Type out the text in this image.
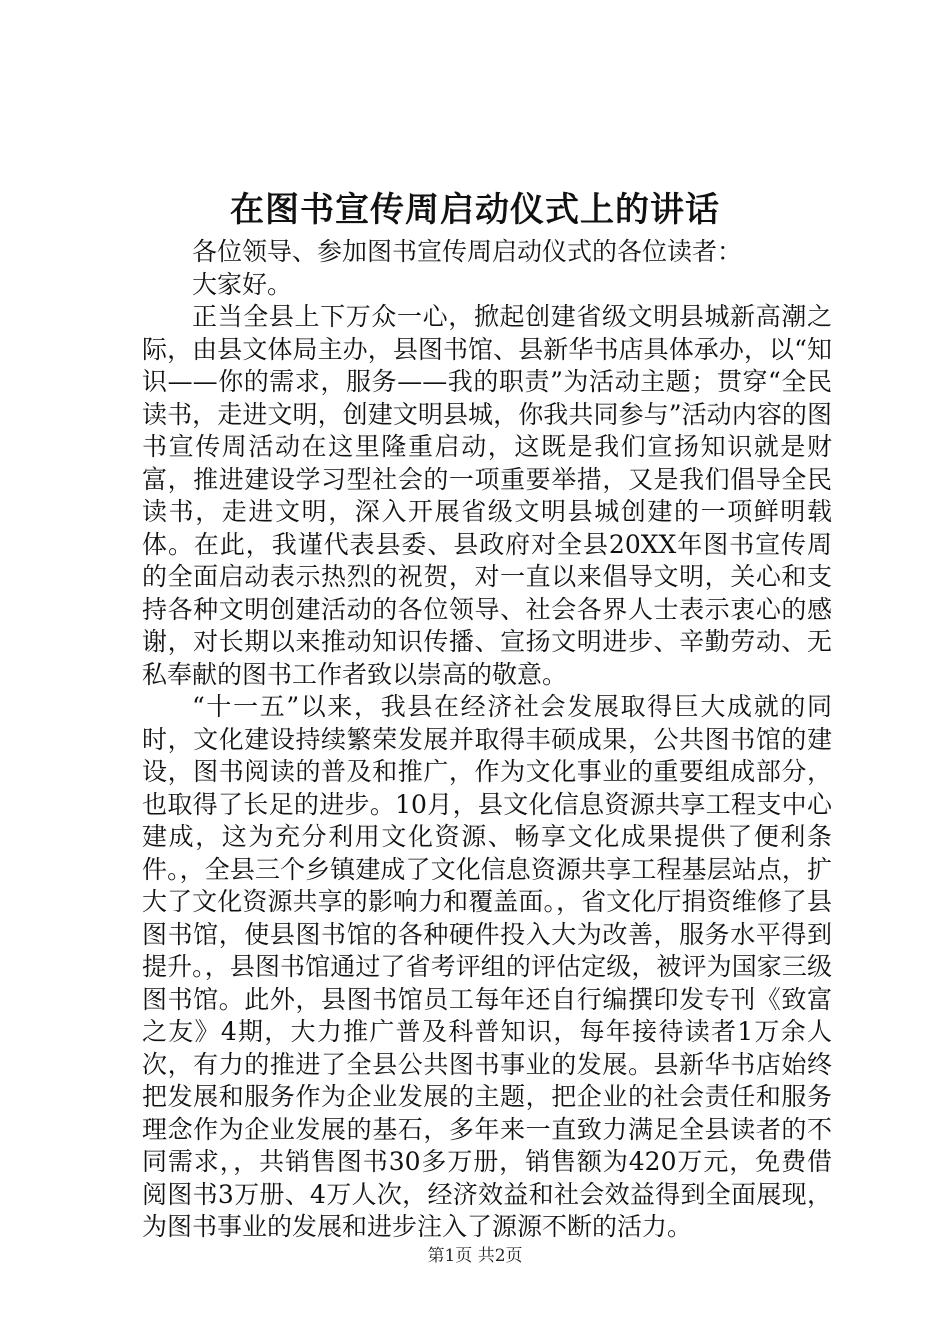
在图书宣传周启动仪式上的讲话

各位领导、参加图书宣传周启动仪式的各位读者：

大家好。

正当全县上下万众一心，掀起创建省级文明县城新高潮之际，由县文体局主办，县图书馆、县新华书店具体承办，以“知识——你的需求，服务——我的职责”为活动主题；贯穿“全民读书，走进文明，创建文明县城，你我共同参与”活动内容的图书宣传周活动在这里隆重启动，这既是我们宣扬知识就是财富，推进建设学习型社会的一项重要举措，又是我们倡导全民读书，走进文明，深入开展省级文明县城创建的一项鲜明载体。在此，我谨代表县委、县政府对全县20XX年图书宣传周的全面启动表示热烈的祝贺，对一直以来倡导文明，关心和支持各种文明创建活动的各位领导、社会各界人士表示衷心的感谢，对长期以来推动知识传播、宣扬文明进步、辛勤劳动、无私奉献的图书工作者致以崇高的敬意。

“十一五”以来，我县在经济社会发展取得巨大成就的同时，文化建设持续繁荣发展并取得丰硕成果，公共图书馆的建设，图书阅读的普及和推广，作为文化事业的重要组成部分，也取得了长足的进步。10月，县文化信息资源共享工程支中心建成，这为充分利用文化资源、畅享文化成果提供了便利条件。，全县三个乡镇建成了文化信息资源共享工程基层站点，扩大了文化资源共享的影响力和覆盖面。，省文化厅捐资维修了县图书馆，使县图书馆的各种硬件投入大为改善，服务水平得到提升。，县图书馆通过了省考评组的评估定级，被评为国家三级图书馆。此外，县图书馆员工每年还自行编撰印发专刊《致富之友》4期，大力推广普及科普知识，每年接待读者1万余人次，有力的推进了全县公共图书事业的发展。县新华书店始终把发展和服务作为企业发展的主题，把企业的社会责任和服务理念作为企业发展的基石，多年来一直致力满足全县读者的不同需求，，共销售图书30多万册，销售额为420万元，免费借阅图书3万册、4万人次，经济效益和社会效益得到全面展现，为图书事业的发展和进步注入了源源不断的活力。

第1页 共2页
